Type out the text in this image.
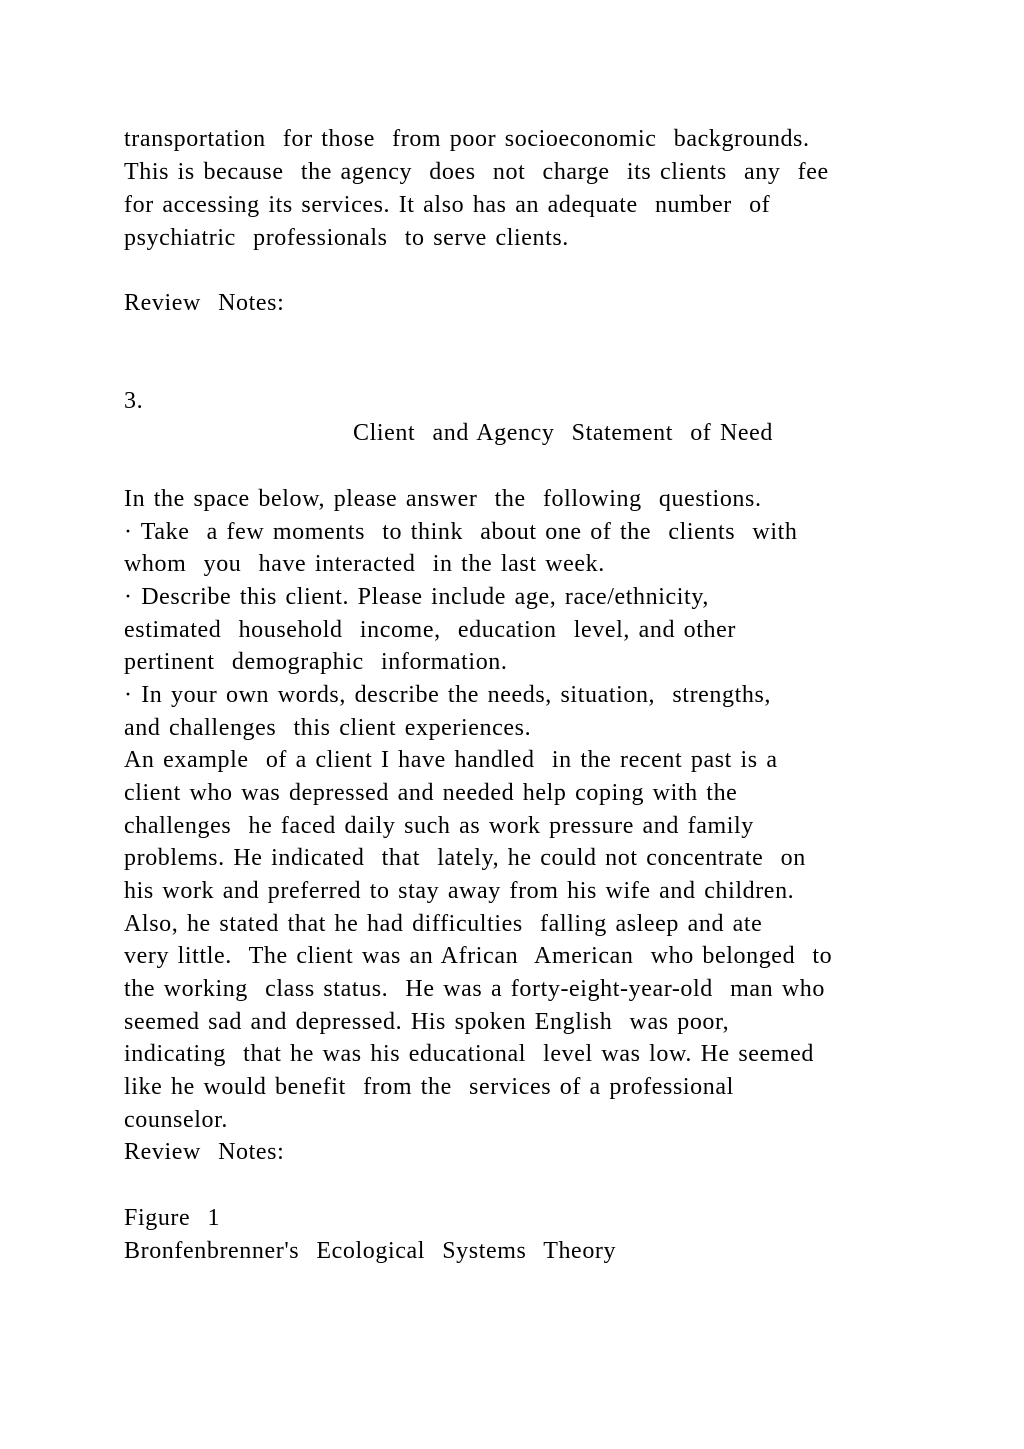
transportation  for those  from poor socioeconomic  backgrounds.
This is because  the agency  does  not  charge  its clients  any  fee
for accessing its services. It also has an adequate  number  of
psychiatric  professionals  to serve clients.
Review  Notes:
3.
Client  and Agency  Statement  of Need
In the space below, please answer  the  following  questions.
· Take  a few moments  to think  about one of the  clients  with
whom  you  have interacted  in the last week.
· Describe this client. Please include age, race/ethnicity,
estimated  household  income,  education  level, and other
pertinent  demographic  information.
· In your own words, describe the needs, situation,  strengths,
and challenges  this client experiences.
An example  of a client I have handled  in the recent past is a
client who was depressed and needed help coping with the
challenges  he faced daily such as work pressure and family
problems. He indicated  that  lately, he could not concentrate  on
his work and preferred to stay away from his wife and children.
Also, he stated that he had difficulties  falling asleep and ate
very little.  The client was an African  American  who belonged  to
the working  class status.  He was a forty-eight-year-old  man who
seemed sad and depressed. His spoken English  was poor,
indicating  that he was his educational  level was low. He seemed
like he would benefit  from the  services of a professional
counselor.
Review  Notes:
Figure  1
Bronfenbrenner's  Ecological  Systems  Theory
